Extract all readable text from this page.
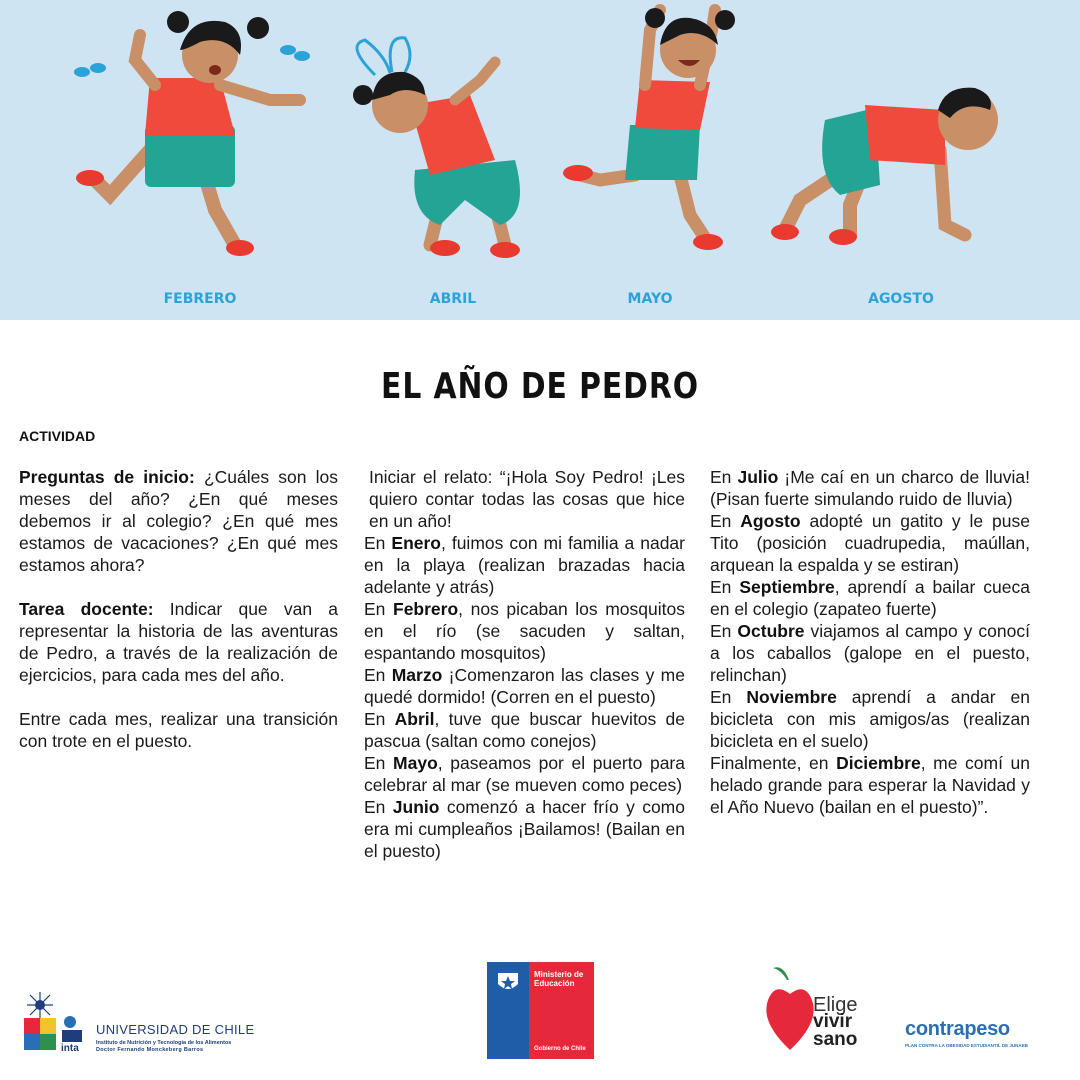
FEBRERO	ABRIL	MAYO	AGOSTO
EL AÑO DE PEDRO
ACTIVIDAD

Preguntas de inicio: ¿Cuáles son los meses del año? ¿En qué meses debemos ir al colegio? ¿En qué mes estamos de vacaciones? ¿En qué mes estamos ahora?

Tarea docente: Indicar que van a representar la historia de las aventuras de Pedro, a través de la realización de ejercicios, para cada mes del año.

Entre cada mes, realizar una transición con trote en el puesto.

Iniciar el relato: “¡Hola Soy Pedro! ¡Les quiero contar todas las cosas que hice en un año!

En Enero, fuimos con mi familia a nadar en la playa (realizan brazadas hacia adelante y atrás)

En Febrero, nos picaban los mosquitos en el río (se sacuden y saltan, espantando mosquitos)

En Marzo ¡Comenzaron las clases y me quedé dormido! (Corren en el puesto)

En Abril, tuve que buscar huevitos de pascua (saltan como conejos)

En Mayo, paseamos por el puerto para celebrar al mar (se mueven como peces)

En Junio comenzó a hacer frío y como era mi cumpleaños ¡Bailamos! (Bailan en el puesto)

En Julio ¡Me caí en un charco de lluvia! (Pisan fuerte simulando ruido de lluvia)

En Agosto adopté un gatito y le puse Tito (posición cuadrupedia, maúllan, arquean la espalda y se estiran)

En Septiembre, aprendí a bailar cueca en el colegio (zapateo fuerte)

En Octubre viajamos al campo y conocí a los caballos (galope en el puesto, relinchan)

En Noviembre aprendí a andar en bicicleta con mis amigos/as (realizan bicicleta en el suelo)

Finalmente, en Diciembre, me comí un helado grande para esperar la Navidad y el Año Nuevo (bailan en el puesto)”.

UNIVERSIDAD DE CHILE
Instituto de Nutrición y Tecnología de los Alimentos
Doctor Fernando Monckeberg Barros
inta
Ministerio de
Educación
Gobierno de Chile
Elige
vivir
sano contrapeso
PLAN CONTRA LA OBESIDAD ESTUDIANTIL DE JUNAEB
